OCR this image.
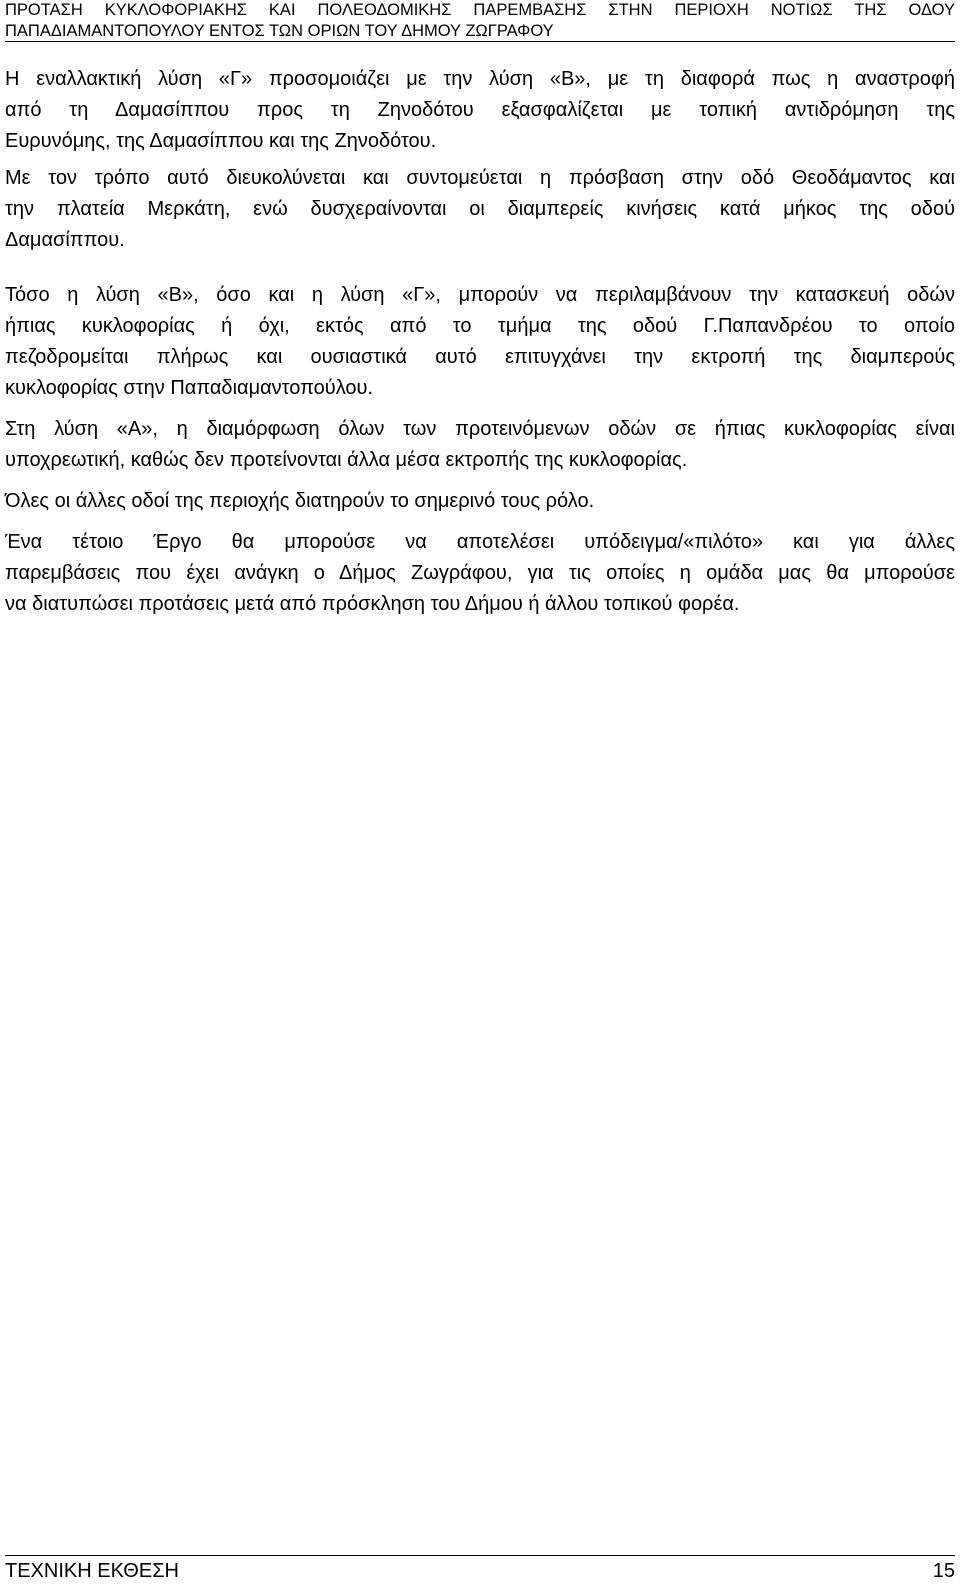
ΠΡΟΤΑΣΗ ΚΥΚΛΟΦΟΡΙΑΚΗΣ ΚΑΙ ΠΟΛΕΟΔΟΜΙΚΗΣ ΠΑΡΕΜΒΑΣΗΣ ΣΤΗΝ ΠΕΡΙΟΧΗ ΝΟΤΙΩΣ ΤΗΣ ΟΔΟΥ
ΠΑΠΑΔΙΑΜΑΝΤΟΠΟΥΛΟΥ ΕΝΤΟΣ ΤΩΝ ΟΡΙΩΝ ΤΟΥ ΔΗΜΟΥ ΖΩΓΡΑΦΟΥ

Η εναλλακτική λύση «Γ» προσομοιάζει με την λύση «Β», με τη διαφορά πως η αναστροφή
από τη Δαμασίππου προς τη Ζηνοδότου εξασφαλίζεται με τοπική αντιδρόμηση της
Ευρυνόμης, της Δαμασίππου και της Ζηνοδότου.

Με τον τρόπο αυτό διευκολύνεται και συντομεύεται η πρόσβαση στην οδό Θεοδάμαντος και
την πλατεία Μερκάτη, ενώ δυσχεραίνονται οι διαμπερείς κινήσεις κατά μήκος της οδού
Δαμασίππου.

Τόσο η λύση «Β», όσο και η λύση «Γ», μπορούν να περιλαμβάνουν την κατασκευή οδών
ήπιας κυκλοφορίας ή όχι, εκτός από το τμήμα της οδού Γ.Παπανδρέου το οποίο
πεζοδρομείται πλήρως και ουσιαστικά αυτό επιτυγχάνει την εκτροπή της διαμπερούς
κυκλοφορίας στην Παπαδιαμαντοπούλου.

Στη λύση «Α», η διαμόρφωση όλων των προτεινόμενων οδών σε ήπιας κυκλοφορίας είναι
υποχρεωτική, καθώς δεν προτείνονται άλλα μέσα εκτροπής της κυκλοφορίας.

Όλες οι άλλες οδοί της περιοχής διατηρούν το σημερινό τους ρόλο.

Ένα τέτοιο Έργο θα μπορούσε να αποτελέσει υπόδειγμα/«πιλότο» και για άλλες
παρεμβάσεις που έχει ανάγκη ο Δήμος Ζωγράφου, για τις οποίες η ομάδα μας θα μπορούσε
να διατυπώσει προτάσεις μετά από πρόσκληση του Δήμου ή άλλου τοπικού φορέα.

ΤΕΧΝΙΚΗ ΕΚΘΕΣΗ	15
